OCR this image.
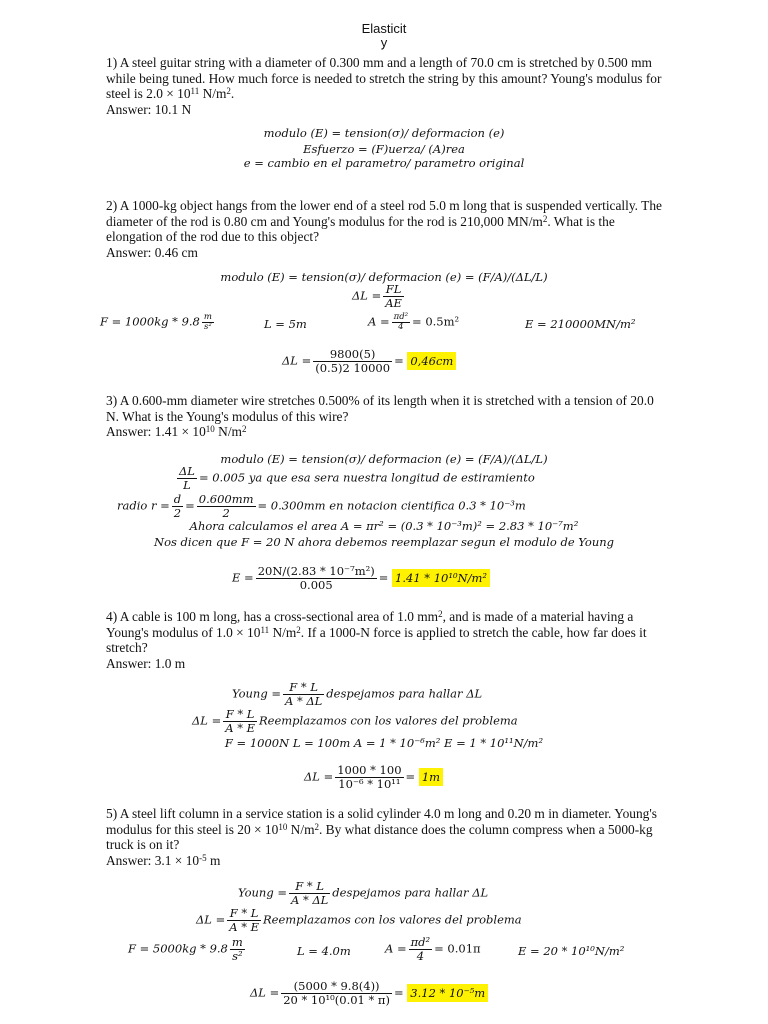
Elasticit
y
1) A steel guitar string with a diameter of 0.300 mm and a length of 70.0 cm is stretched by 0.500 mm while being tuned. How much force is needed to stretch the string by this amount? Young's modulus for steel is $2.0 \times 10^{11}$ $N/m^2$.
Answer: 10.1 N
modulo (E) = tension(σ)/ deformacion (e)
Esfuerzo = (F)uerza/ (A)rea
e = cambio en el parametro/ parametro original
2) A 1000-kg object hangs from the lower end of a steel rod 5.0 m long that is suspended vertically. The diameter of the rod is 0.80 cm and Young's modulus for the rod is 210,000 $MN/m^2$. What is the elongation of the rod due to this object?
Answer: 0.46 cm
modulo (E) = tension(σ)/ deformacion (e) = (F/A)/(ΔL/L)
$\Delta L = \frac{FL}{AE}$
$F = 1000kg * 9.8 \frac{m}{\text{s²}}$	L = 5m	$A = \frac{\text{πd²}}{4} = 0.5m^2$	E = 210000MN/m²
$\Delta L = \frac{9800(5)}{(0.5)2 10000} = 0,46cm$
3) A 0.600-mm diameter wire stretches 0.500% of its length when it is stretched with a tension of 20.0 N. What is the Young's modulus of this wire?
Answer: $1.41 \times 10^{10}$ $N/m^2$
modulo (E) = tension(σ)/ deformacion (e) = (F/A)/(ΔL/L)
$\frac{\Delta L}{L} = 0.005$ ya que esa sera nuestra longitud de estiramiento
radio $r = \frac{d}{2} = \frac{0.600mm}{2} = 0.300mm$ en notacion cientifica 0.3 * 10⁻³m
Ahora calculamos el area A = πr² = (0.3 * 10⁻³m)² = 2.83 * 10⁻⁷m²
Nos dicen que F = 20 N ahora debemos reemplazar segun el modulo de Young
$E = \frac{\text{20N/(2.83 * 10⁻⁷m²)}}{0.005} = 1.41 * 10^{10}N/m^2$
4) A cable is 100 m long, has a cross-sectional area of 1.0 $mm^2$, and is made of a material having a Young's modulus of $1.0 \times 10^{11}$ $N/m^2$. If a 1000-N force is applied to stretch the cable, how far does it stretch?
Answer: 1.0 m
Young = $\frac{F * L}{A * \Delta L}$ despejamos para hallar ΔL
$\Delta L = \frac{F * L}{A * E}$ Reemplazamos con los valores del problema
F = 1000N L = 100m A = 1 * 10⁻⁶m² E = 1 * 10¹¹N/m²
$\Delta L = \frac{1000 * 100}{\text{10⁻⁶ * 10¹¹}} = 1m$
5) A steel lift column in a service station is a solid cylinder 4.0 m long and 0.20 m in diameter. Young's modulus for this steel is $20 \times 10^{10}$ $N/m^2$. By what distance does the column compress when a 5000-kg truck is on it?
Answer: $3.1 \times 10^{-5}$ m
Young = $\frac{F * L}{A * \Delta L}$ despejamos para hallar ΔL
$\Delta L = \frac{F * L}{A * E}$ Reemplazamos con los valores del problema
$F = 5000kg * 9.8 \frac{m}{\text{s²}}$	L = 4.0m	$A = \frac{\text{πd²}}{4} = 0.01\pi$	E = 20 * 10¹⁰N/m²
$\Delta L = \frac{(5000 * 9.8(4))}{\text{20 * 10¹⁰(0.01 * π)}} = 3.12 * 10^{-5}m$
